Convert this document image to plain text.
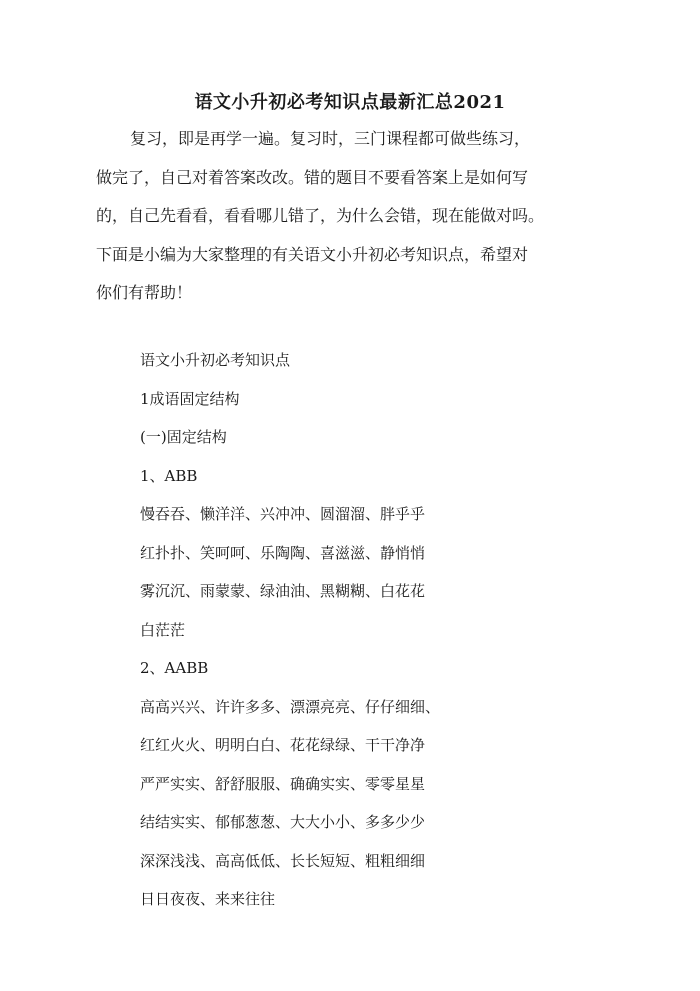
语文小升初必考知识点最新汇总2021
复习，即是再学一遍。复习时，三门课程都可做些练习，
做完了，自己对着答案改改。错的题目不要看答案上是如何写
的，自己先看看，看看哪儿错了，为什么会错，现在能做对吗。
下面是小编为大家整理的有关语文小升初必考知识点，希望对
你们有帮助！

语文小升初必考知识点

1成语固定结构

(一)固定结构

1、ABB

慢吞吞、懒洋洋、兴冲冲、圆溜溜、胖乎乎

红扑扑、笑呵呵、乐陶陶、喜滋滋、静悄悄

雾沉沉、雨蒙蒙、绿油油、黑糊糊、白花花

白茫茫

2、AABB

高高兴兴、许许多多、漂漂亮亮、仔仔细细、

红红火火、明明白白、花花绿绿、干干净净

严严实实、舒舒服服、确确实实、零零星星

结结实实、郁郁葱葱、大大小小、多多少少

深深浅浅、高高低低、长长短短、粗粗细细

日日夜夜、来来往往
